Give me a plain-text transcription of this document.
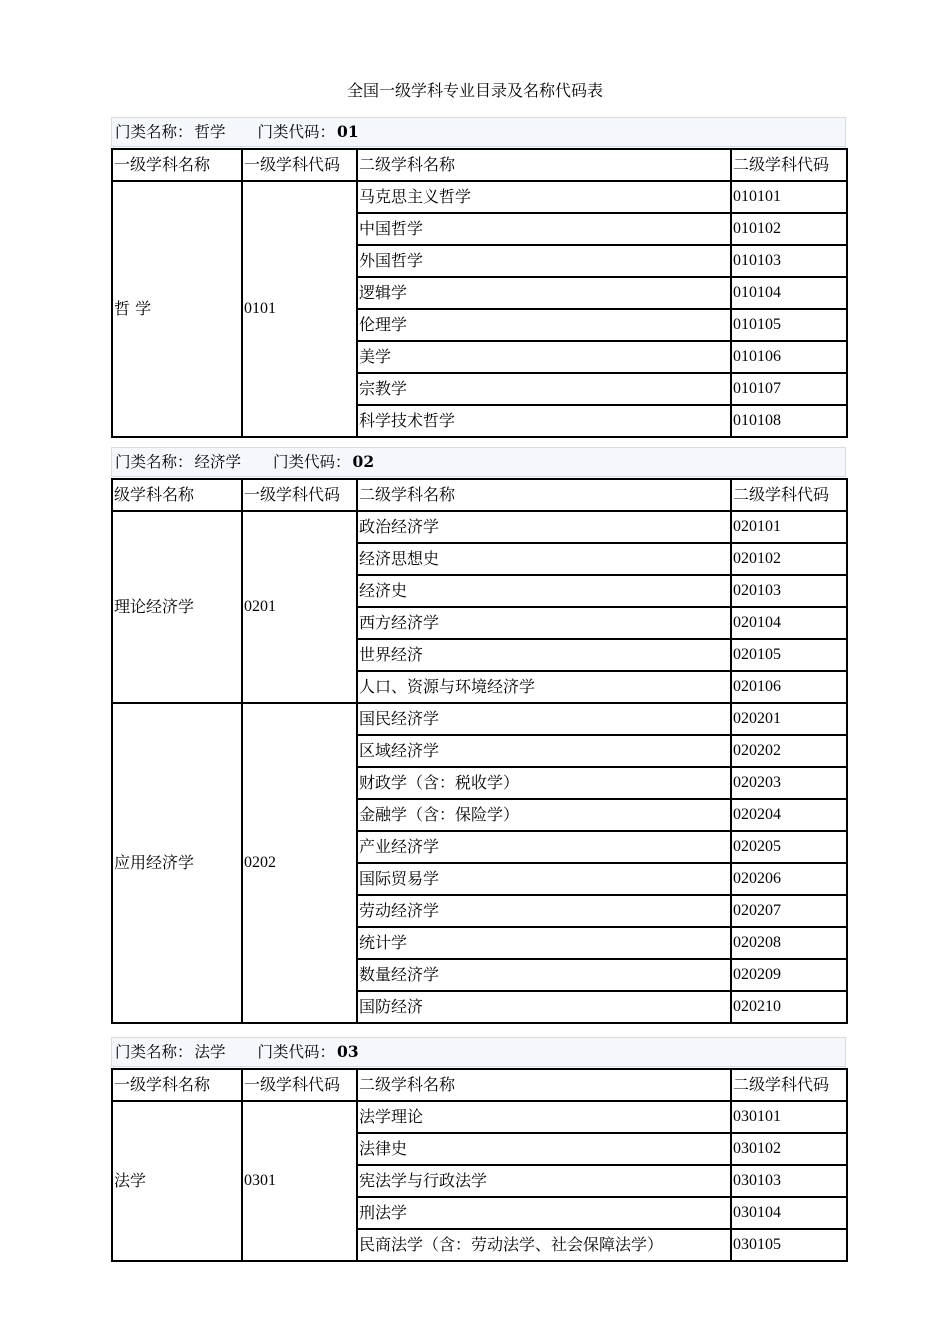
全国一级学科专业目录及名称代码表
门类名称： 哲学 门类代码： 01
一级学科名称	一级学科代码	二级学科名称	二级学科代码
哲 学	0101	马克思主义哲学	010101
		中国哲学	010102
		外国哲学	010103
		逻辑学	010104
		伦理学	010105
		美学	010106
		宗教学	010107
		科学技术哲学	010108
门类名称： 经济学 门类代码： 02
级学科名称	一级学科代码	二级学科名称	二级学科代码
理论经济学	0201	政治经济学	020101
		经济思想史	020102
		经济史	020103
		西方经济学	020104
		世界经济	020105
		人口、资源与环境经济学	020106
应用经济学	0202	国民经济学	020201
		区域经济学	020202
		财政学（含：税收学）	020203
		金融学（含：保险学）	020204
		产业经济学	020205
		国际贸易学	020206
		劳动经济学	020207
		统计学	020208
		数量经济学	020209
		国防经济	020210
门类名称： 法学 门类代码： 03
一级学科名称	一级学科代码	二级学科名称	二级学科代码
法学	0301	法学理论	030101
		法律史	030102
		宪法学与行政法学	030103
		刑法学	030104
		民商法学（含：劳动法学、社会保障法学）	030105
